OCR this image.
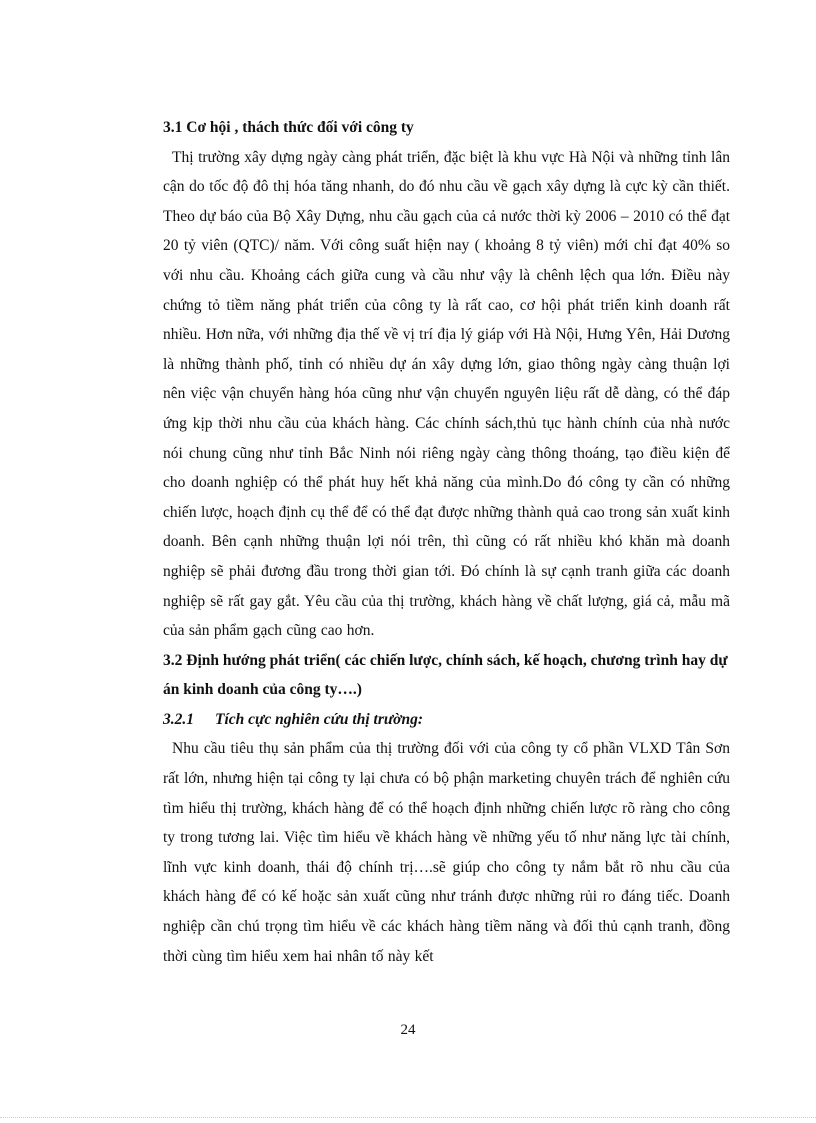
3.1 Cơ hội , thách thức đối với công ty

Thị trường xây dựng ngày càng phát triển, đặc biệt là khu vực Hà Nội và những tỉnh lân cận do tốc độ đô thị hóa tăng nhanh, do đó nhu cầu về gạch xây dựng là cực kỳ cần thiết. Theo dự báo của Bộ Xây Dựng, nhu cầu gạch của cả nước thời kỳ 2006 – 2010 có thể đạt 20 tỷ viên (QTC)/ năm. Với công suất hiện nay ( khoảng 8 tỷ viên) mới chỉ đạt 40% so với nhu cầu. Khoảng cách giữa cung và cầu như vậy là chênh lệch qua lớn. Điều này chứng tỏ tiềm năng phát triển của công ty là rất cao, cơ hội phát triển kinh doanh rất nhiều. Hơn nữa, với những địa thế về vị trí địa lý giáp với Hà Nội, Hưng Yên, Hải Dương là những thành phố, tỉnh có nhiều dự án xây dựng lớn, giao thông ngày càng thuận lợi nên việc vận chuyển hàng hóa cũng như vận chuyển nguyên liệu rất dễ dàng, có thể đáp ứng kịp thời nhu cầu của khách hàng. Các chính sách,thủ tục hành chính của nhà nước nói chung cũng như tỉnh Bắc Ninh nói riêng ngày càng thông thoáng, tạo điều kiện để cho doanh nghiệp có thể phát huy hết khả năng của mình.Do đó công ty cần có những chiến lược, hoạch định cụ thể để có thể đạt được những thành quả cao trong sản xuất kinh doanh. Bên cạnh những thuận lợi nói trên, thì cũng có rất nhiều khó khăn mà doanh nghiệp sẽ phải đương đầu trong thời gian tới. Đó chính là sự cạnh tranh giữa các doanh nghiệp sẽ rất gay gắt. Yêu cầu của thị trường, khách hàng về chất lượng, giá cả, mẫu mã của sản phẩm gạch cũng cao hơn.

3.2 Định hướng phát triển( các chiến lược, chính sách, kế hoạch, chương trình hay dự án kinh doanh của công ty….)

3.2.1 Tích cực nghiên cứu thị trường:

Nhu cầu tiêu thụ sản phẩm của thị trường đối với của công ty cổ phần VLXD Tân Sơn rất lớn, nhưng hiện tại công ty lại chưa có bộ phận marketing chuyên trách để nghiên cứu tìm hiểu thị trường, khách hàng để có thể hoạch định những chiến lược rõ ràng cho công ty trong tương lai. Việc tìm hiểu về khách hàng về những yếu tố như năng lực tài chính, lĩnh vực kinh doanh, thái độ chính trị….sẽ giúp cho công ty nắm bắt rõ nhu cầu của khách hàng để có kế hoặc sản xuất cũng như tránh được những rủi ro đáng tiếc. Doanh nghiệp cần chú trọng tìm hiểu về các khách hàng tiềm năng và đối thủ cạnh tranh, đồng thời cùng tìm hiểu xem hai nhân tố này kết

24
